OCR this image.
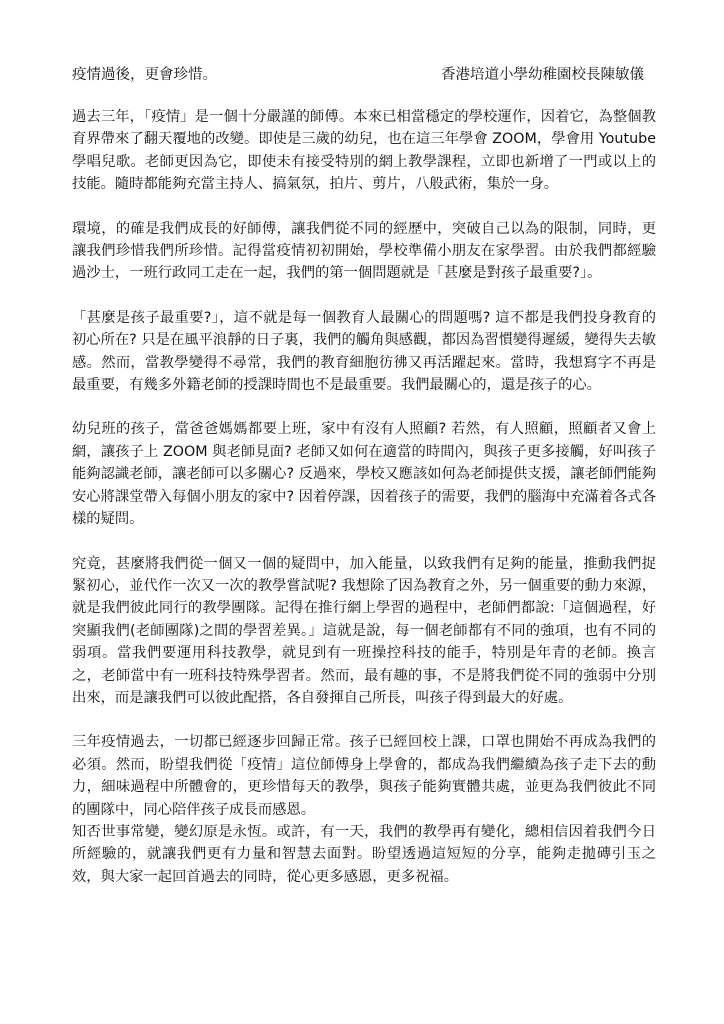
疫情過後，更會珍惜。	香港培道小學幼稚園校長陳敏儀

過去三年，「疫情」是一個十分嚴謹的師傅。本來已相當穩定的學校運作，因着它，為整個教育界帶來了翻天覆地的改變。即使是三歲的幼兒，也在這三年學會 ZOOM，學會用 Youtube 學唱兒歌。老師更因為它，即使未有接受特別的網上教學課程，立即也新增了一門或以上的技能。隨時都能夠充當主持人、搞氣氛，拍片、剪片，八般武術，集於一身。

環境，的確是我們成長的好師傅，讓我們從不同的經歷中，突破自己以為的限制，同時，更讓我們珍惜我們所珍惜。記得當疫情初初開始，學校準備小朋友在家學習。由於我們都經驗過沙士，一班行政同工走在一起，我們的第一個問題就是「甚麼是對孩子最重要?」。

「甚麼是孩子最重要?」，這不就是每一個教育人最關心的問題嗎? 這不都是我們投身教育的初心所在? 只是在風平浪靜的日子裏，我們的觸角與感觀，都因為習慣變得遲緩，變得失去敏感。然而，當教學變得不尋常，我們的教育細胞彷彿又再活躍起來。當時，我想寫字不再是最重要，有幾多外籍老師的授課時間也不是最重要。我們最關心的，還是孩子的心。

幼兒班的孩子，當爸爸媽媽都要上班，家中有沒有人照顧? 若然，有人照顧，照顧者又會上網，讓孩子上 ZOOM 與老師見面? 老師又如何在適當的時間內，與孩子更多接觸，好叫孩子能夠認識老師，讓老師可以多關心? 反過來，學校又應該如何為老師提供支援，讓老師們能夠安心將課堂帶入每個小朋友的家中? 因着停課，因着孩子的需要，我們的腦海中充滿着各式各樣的疑問。

究竟，甚麼將我們從一個又一個的疑問中，加入能量，以致我們有足夠的能量，推動我們捉緊初心，並代作一次又一次的教學嘗試呢? 我想除了因為教育之外，另一個重要的動力來源，就是我們彼此同行的教學團隊。記得在推行網上學習的過程中，老師們都說:「這個過程，好突顯我們(老師團隊)之間的學習差異。」這就是說，每一個老師都有不同的強項，也有不同的弱項。當我們要運用科技教學，就見到有一班操控科技的能手，特別是年青的老師。換言之，老師當中有一班科技特殊學習者。然而，最有趣的事，不是將我們從不同的強弱中分別出來，而是讓我們可以彼此配搭，各自發揮自己所長，叫孩子得到最大的好處。

三年疫情過去，一切都已經逐步回歸正常。孩子已經回校上課，口罩也開始不再成為我們的必須。然而，盼望我們從「疫情」這位師傅身上學會的，都成為我們繼續為孩子走下去的動力，細味過程中所體會的，更珍惜每天的教學，與孩子能夠實體共處，並更為我們彼此不同的團隊中，同心陪伴孩子成長而感恩。

知否世事常變，變幻原是永恆。或許，有一天，我們的教學再有變化，總相信因着我們今日所經驗的，就讓我們更有力量和智慧去面對。盼望透過這短短的分享，能夠走拋磚引玉之效，與大家一起回首過去的同時，從心更多感恩，更多祝福。
